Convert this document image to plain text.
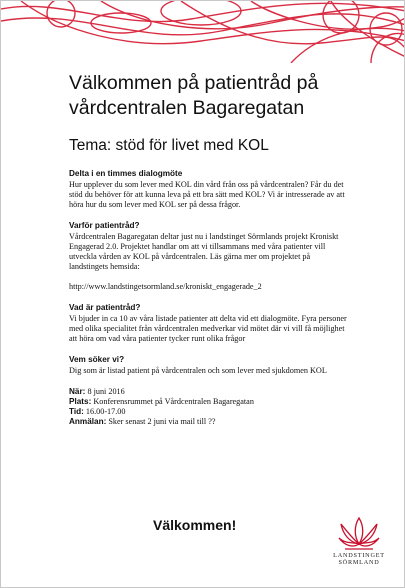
Välkommen på patientråd på vårdcentralen Bagaregatan
Tema: stöd för livet med KOL
Delta i en timmes dialogmöte

Hur upplever du som lever med KOL din vård från oss på vårdcentralen? Får du det stöd du behöver för att kunna leva på ett bra sätt med KOL? Vi är intresserade av att höra hur du som lever med KOL ser på dessa frågor.

Varför patientråd?

Vårdcentralen Bagaregatan deltar just nu i landstinget Sörmlands projekt Kroniskt Engagerad 2.0. Projektet handlar om att vi tillsammans med våra patienter vill utveckla vården av KOL på vårdcentralen. Läs gärna mer om projektet på landstingets hemsida:

http://www.landstingetsormland.se/kroniskt_engagerade_2

Vad är patientråd?

Vi bjuder in ca 10 av våra listade patienter att delta vid ett dialogmöte. Fyra personer med olika specialitet från vårdcentralen medverkar vid mötet där vi vill få möjlighet att höra om vad våra patienter tycker runt olika frågor

Vem söker vi?

Dig som är listad patient på vårdcentralen och som lever med sjukdomen KOL

När: 8 juni 2016

Plats: Konferensrummet på Vårdcentralen Bagaregatan

Tid: 16.00-17.00

Anmälan: Sker senast 2 juni via mail till ??

Välkommen!
LANDSTINGET
SÖRMLAND
